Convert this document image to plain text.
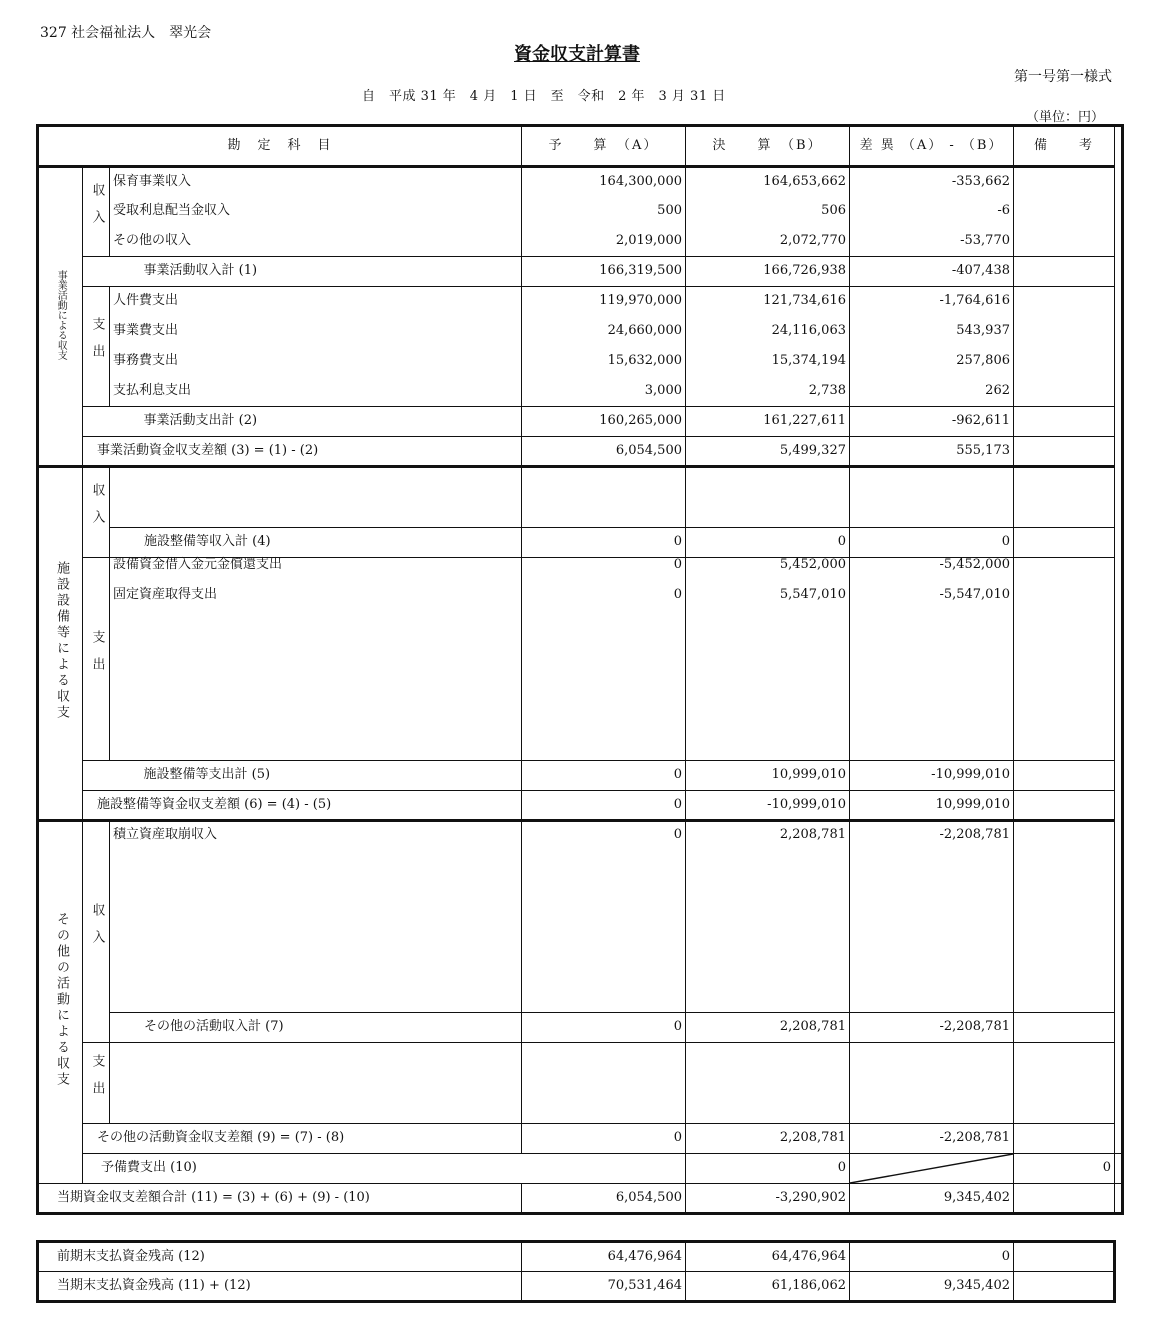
327 社会福祉法人　翠光会
資金収支計算書
第一号第一様式
自　平成 31 年　4 月　1 日　至　令和　2 年　3 月 31 日
（単位：円）
勘　定　科　目			予　　算　（A）	決　　算　（B）	差 異 （A） - （B）	備　　考	
事業活動による収支	収入	保育事業収入	164,300,000	164,653,662	-353,662		
		受取利息配当金収入	500	506	-6		
		その他の収入	2,019,000	2,072,770	-53,770		
		事業活動収入計 (1)	166,319,500	166,726,938	-407,438		
	支出	人件費支出	119,970,000	121,734,616	-1,764,616		
		事業費支出	24,660,000	24,116,063	543,937		
		事務費支出	15,632,000	15,374,194	257,806		
		支払利息支出	3,000	2,738	262		
		事業活動支出計 (2)	160,265,000	161,227,611	-962,611		
	事業活動資金収支差額 (3) = (1) - (2)		6,054,500	5,499,327	555,173		
施設設備等による収支	収入						
		施設整備等収入計 (4)	0	0	0		
	支出	設備資金借入金元金償還支出	0	5,452,000	-5,452,000		
		固定資産取得支出	0	5,547,010	-5,547,010		
		施設整備等支出計 (5)	0	10,999,010	-10,999,010		
	施設整備等資金収支差額 (6) = (4) - (5)		0	-10,999,010	10,999,010		
その他の活動による収支	収入	積立資産取崩収入	0	2,208,781	-2,208,781		
		その他の活動収入計 (7)	0	2,208,781	-2,208,781		
	支出						
	その他の活動資金収支差額 (9) = (7) - (8)		0	2,208,781	-2,208,781		
	予備費支出 (10)			0		0	
当期資金収支差額合計 (11) = (3) + (6) + (9) - (10)			6,054,500	-3,290,902	9,345,402		
前期末支払資金残高 (12)	64,476,964	64,476,964	0	
当期末支払資金残高 (11) + (12)	70,531,464	61,186,062	9,345,402	
